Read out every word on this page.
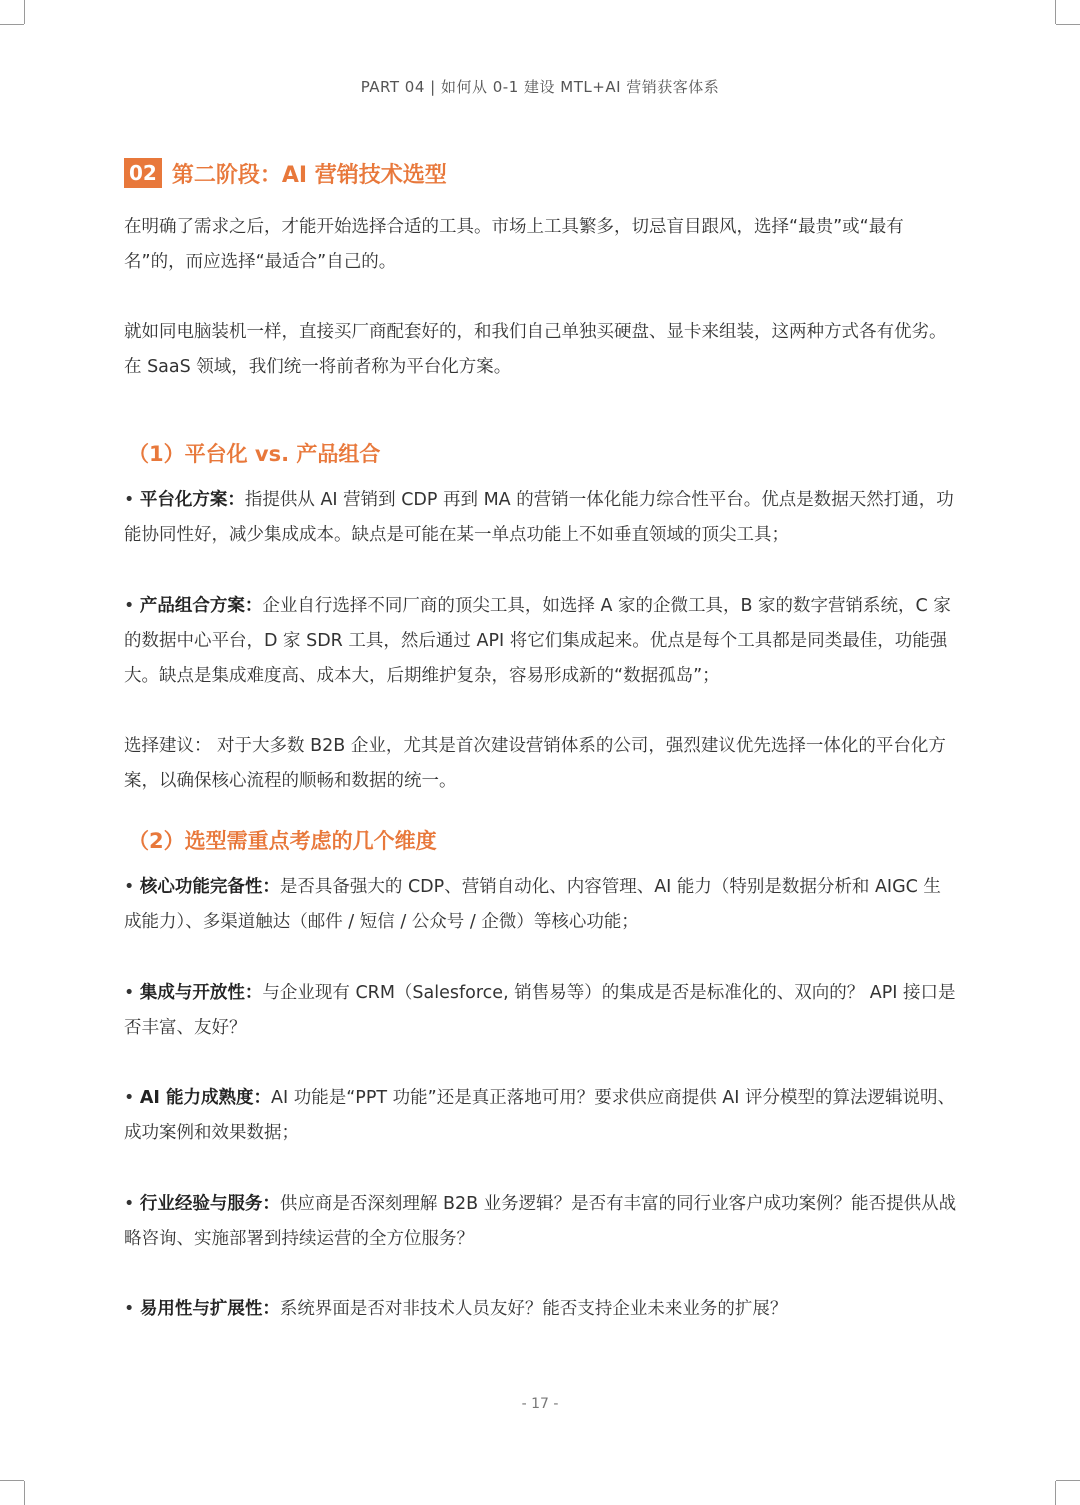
PART 04 | 如何从 0-1 建设 MTL+AI 营销获客体系
02 第二阶段：AI 营销技术选型

在明确了需求之后，才能开始选择合适的工具。市场上工具繁多，切忌盲目跟风，选择“最贵”或“最有名”的，而应选择“最适合”自己的。

就如同电脑装机一样，直接买厂商配套好的，和我们自己单独买硬盘、显卡来组装，这两种方式各有优劣。在 SaaS 领域，我们统一将前者称为平台化方案。

（1）平台化 vs. 产品组合

• 平台化方案：指提供从 AI 营销到 CDP 再到 MA 的营销一体化能力综合性平台。优点是数据天然打通，功能协同性好，减少集成成本。缺点是可能在某一单点功能上不如垂直领域的顶尖工具；

• 产品组合方案：企业自行选择不同厂商的顶尖工具，如选择 A 家的企微工具，B 家的数字营销系统，C 家的数据中心平台，D 家 SDR 工具，然后通过 API 将它们集成起来。优点是每个工具都是同类最佳，功能强大。缺点是集成难度高、成本大，后期维护复杂，容易形成新的“数据孤岛”；

选择建议： 对于大多数 B2B 企业，尤其是首次建设营销体系的公司，强烈建议优先选择一体化的平台化方案，以确保核心流程的顺畅和数据的统一。

（2）选型需重点考虑的几个维度

• 核心功能完备性：是否具备强大的 CDP、营销自动化、内容管理、AI 能力（特别是数据分析和 AIGC 生成能力）、多渠道触达（邮件 / 短信 / 公众号 / 企微）等核心功能；

• 集成与开放性：与企业现有 CRM（Salesforce, 销售易等）的集成是否是标准化的、双向的？ API 接口是否丰富、友好？

• AI 能力成熟度：AI 功能是“PPT 功能”还是真正落地可用？要求供应商提供 AI 评分模型的算法逻辑说明、成功案例和效果数据；

• 行业经验与服务：供应商是否深刻理解 B2B 业务逻辑？是否有丰富的同行业客户成功案例？能否提供从战略咨询、实施部署到持续运营的全方位服务？

• 易用性与扩展性：系统界面是否对非技术人员友好？能否支持企业未来业务的扩展？

- 17 -
